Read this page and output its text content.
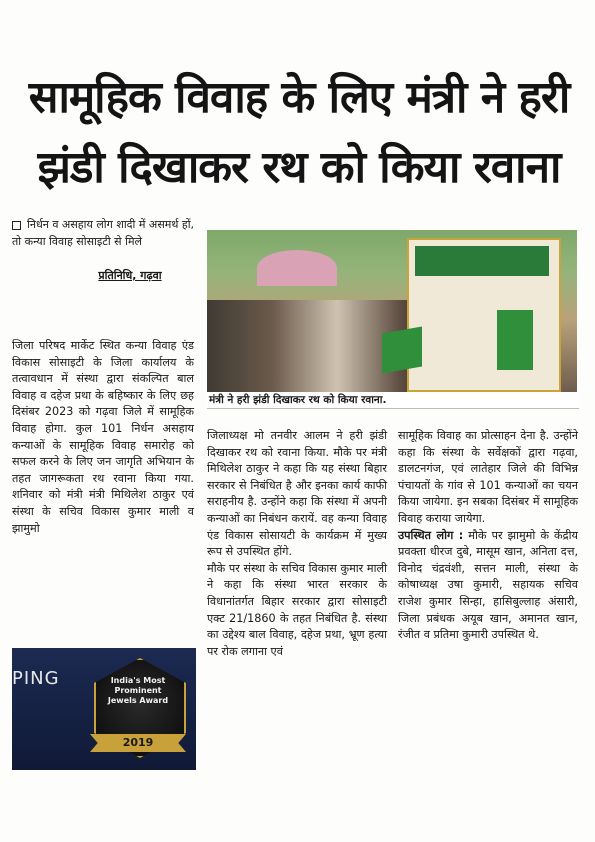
सामूहिक विवाह के लिए मंत्री ने हरी
झंडी दिखाकर रथ को किया रवाना
निर्धन व असहाय लोग शादी में असमर्थ हों, तो कन्या विवाह सोसाइटी से मिले
प्रतिनिधि, गढ़वा
मंत्री ने हरी झंडी दिखाकर रथ को किया रवाना.

जिला परिषद मार्केट स्थित कन्या विवाह एंड विकास सोसाइटी के जिला कार्यालय के तत्वावधान में संस्था द्वारा संकल्पित बाल विवाह व दहेज प्रथा के बहिष्कार के लिए छह दिसंबर 2023 को गढ़वा जिले में सामूहिक विवाह होगा. कुल 101 निर्धन असहाय कन्याओं के सामूहिक विवाह समारोह को सफल करने के लिए जन जागृति अभियान के तहत जागरूकता रथ रवाना किया गया. शनिवार को मंत्री मंत्री मिथिलेश ठाकुर एवं संस्था के सचिव विकास कुमार माली व झामुमो

जिलाध्यक्ष मो तनवीर आलम ने हरी झंडी दिखाकर रथ को रवाना किया. मौके पर मंत्री मिथिलेश ठाकुर ने कहा कि यह संस्था बिहार सरकार से निबंधित है और इनका कार्य काफी सराहनीय है. उन्होंने कहा कि संस्था में अपनी कन्याओं का निबंधन करायें. वह कन्या विवाह एंड विकास सोसायटी के कार्यक्रम में मुख्य रूप से उपस्थित होंगे.

मौके पर संस्था के सचिव विकास कुमार माली ने कहा कि संस्था भारत सरकार के विधानांतर्गत बिहार सरकार द्वारा सोसाइटी एक्ट 21/1860 के तहत निबंधित है. संस्था का उद्देश्य बाल विवाह, दहेज प्रथा, भ्रूण हत्या पर रोक लगाना एवं

सामूहिक विवाह का प्रोत्साहन देना है. उन्होंने कहा कि संस्था के सर्वेक्षकों द्वारा गढ़वा, डालटनगंज, एवं लातेहार जिले की विभिन्न पंचायतों के गांव से 101 कन्याओं का चयन किया जायेगा. इन सबका दिसंबर में सामूहिक विवाह कराया जायेगा.

उपस्थित लोग : मौके पर झामुमो के केंद्रीय प्रवक्ता धीरज दुबे, मासूम खान, अनिता दत्त, विनोद चंद्रवंशी, सत्तन माली, संस्था के कोषाध्यक्ष उषा कुमारी, सहायक सचिव राजेश कुमार सिन्हा, हासिबुल्लाह अंसारी, जिला प्रबंधक अयूब खान, अमानत खान, रंजीत व प्रतिमा कुमारी उपस्थित थे.

PING	India's Most
Prominent
Jewels Award
2019
